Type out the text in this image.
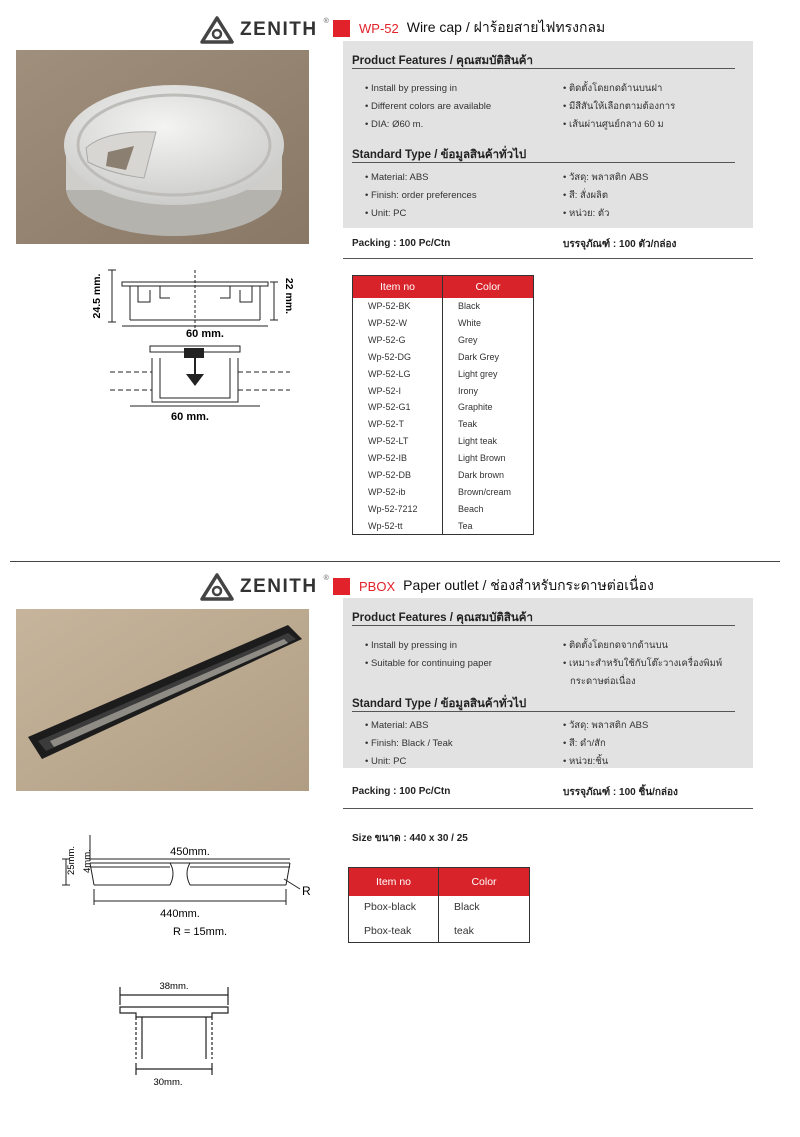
ZENITH ® WP-52 Wire cap / ฝาร้อยสายไฟทรงกลม
24.5 mm.	22 mm.
60 mm.
60 mm.
Product Features / คุณสมบัติสินค้า
• Install by pressing in
• Different colors are available
• DIA: Ø60 m.
• ติดตั้งโดยกดด้านบนฝา
• มีสีสันให้เลือกตามต้องการ
• เส้นผ่านศูนย์กลาง 60 ม
Standard Type / ข้อมูลสินค้าทั่วไป
• Material: ABS
• Finish: order preferences
• Unit: PC
• วัสดุ: พลาสติก ABS
• สี: สั่งผลิต
• หน่วย: ตัว
Packing : 100 Pc/Ctn	บรรจุภัณฑ์ : 100 ตัว/กล่อง
Item no	Color
WP-52-BK	Black
WP-52-W	White
WP-52-G	Grey
Wp-52-DG	Dark Grey
WP-52-LG	Light grey
WP-52-I	Irony
WP-52-G1	Graphite
WP-52-T	Teak
WP-52-LT	Light teak
WP-52-IB	Light Brown
WP-52-DB	Dark brown
WP-52-ib	Brown/cream
Wp-52-7212	Beach
Wp-52-tt	Tea
ZENITH ®
PBOX Paper outlet / ช่องสำหรับกระดาษต่อเนื่อง
Product Features / คุณสมบัติสินค้า
• Install by pressing in
• Suitable for continuing paper
• ติดตั้งโดยกดจากด้านบน
• เหมาะสำหรับใช้กับโต๊ะวางเครื่องพิมพ์
กระดาษต่อเนื่อง
Standard Type / ข้อมูลสินค้าทั่วไป
• Material: ABS
• Finish: Black / Teak
• Unit: PC
• วัสดุ: พลาสติก ABS
• สี: ดำ/สัก
• หน่วย:ชิ้น
Packing : 100 Pc/Ctn	บรรจุภัณฑ์ : 100 ชิ้น/กล่อง
Size ขนาด : 440 x 30 / 25
Item no	Color
Pbox-black	Black
Pbox-teak	teak
4mm.	450mm.
25mm.
R
440mm.
R = 15mm.
38mm.
30mm.
